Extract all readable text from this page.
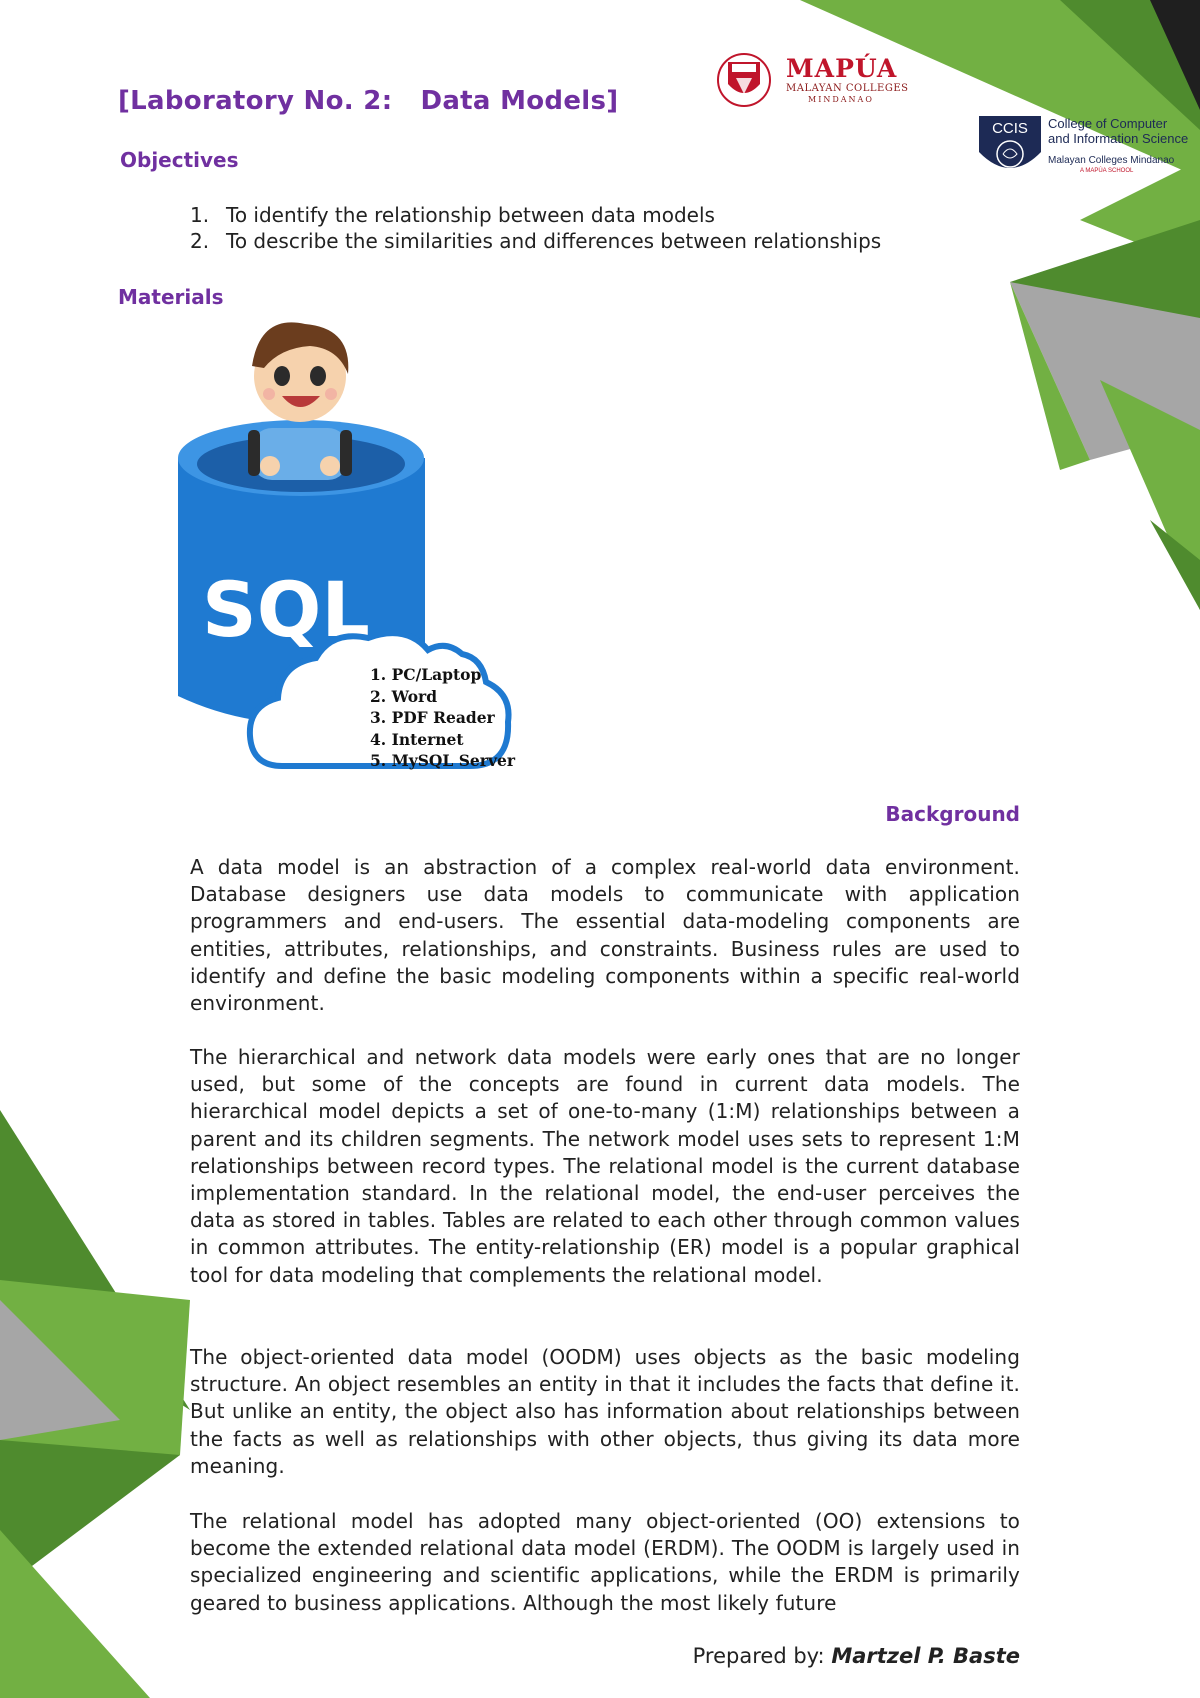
MAPÚA
MALAYAN COLLEGES
MINDANAO
CCIS College of Computer
and Information Science
Malayan Colleges Mindanao
A MAPÚA SCHOOL
[Laboratory No. 2:   Data Models]
Objectives
1. To identify the relationship between data models
2. To describe the similarities and differences between relationships
Materials
SQL
1. PC/Laptop
2. Word
3. PDF Reader
4. Internet
5. MySQL Server
Background

A data model is an abstraction of a complex real-world data environment. Database designers use data models to communicate with application programmers and end-users. The essential data-modeling components are entities, attributes, relationships, and constraints. Business rules are used to identify and define the basic modeling components within a specific real-world environment.

The hierarchical and network data models were early ones that are no longer used, but some of the concepts are found in current data models. The hierarchical model depicts a set of one-to-many (1:M) relationships between a parent and its children segments. The network model uses sets to represent 1:M relationships between record types. The relational model is the current database implementation standard. In the relational model, the end-user perceives the data as stored in tables. Tables are related to each other through common values in common attributes. The entity-relationship (ER) model is a popular graphical tool for data modeling that complements the relational model.

The object-oriented data model (OODM) uses objects as the basic modeling structure. An object resembles an entity in that it includes the facts that define it. But unlike an entity, the object also has information about relationships between the facts as well as relationships with other objects, thus giving its data more meaning.

The relational model has adopted many object-oriented (OO) extensions to become the extended relational data model (ERDM). The OODM is largely used in specialized engineering and scientific applications, while the ERDM is primarily geared to business applications. Although the most likely future

Prepared by: Martzel P. Baste
